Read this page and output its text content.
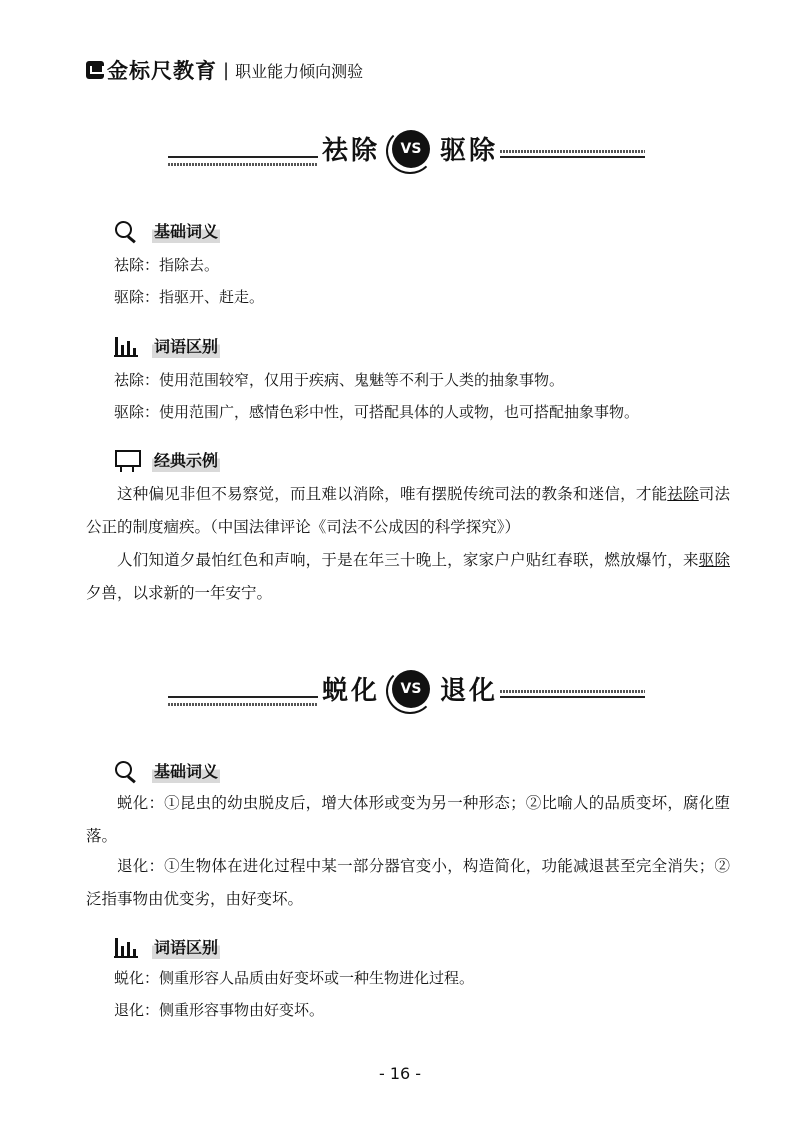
金标尺教育 | 职业能力倾向测验
祛除	VS 驱除
基础词义
祛除：指除去。
驱除：指驱开、赶走。
词语区别
祛除：使用范围较窄，仅用于疾病、鬼魅等不利于人类的抽象事物。
驱除：使用范围广，感情色彩中性，可搭配具体的人或物，也可搭配抽象事物。
经典示例
这种偏见非但不易察觉，而且难以消除，唯有摆脱传统司法的教条和迷信，才能祛除司法公正的制度痼疾。（中国法律评论《司法不公成因的科学探究》）
人们知道夕最怕红色和声响，于是在年三十晚上，家家户户贴红春联，燃放爆竹，来驱除夕兽，以求新的一年安宁。
蜕化	VS 退化
基础词义
蜕化：①昆虫的幼虫脱皮后，增大体形或变为另一种形态；②比喻人的品质变坏，腐化堕落。
退化：①生物体在进化过程中某一部分器官变小，构造简化，功能减退甚至完全消失；②泛指事物由优变劣，由好变坏。
词语区别
蜕化：侧重形容人品质由好变坏或一种生物进化过程。
退化：侧重形容事物由好变坏。
- 16 -
